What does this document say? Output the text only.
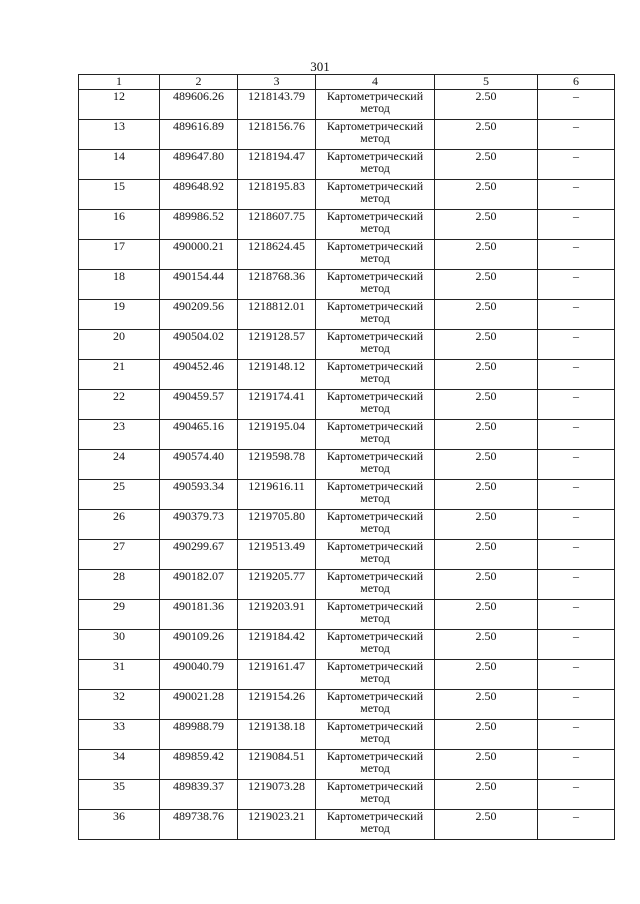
301
1	2	3	4	5	6
12	489606.26	1218143.79	Картометрический метод	2.50	–
13	489616.89	1218156.76	Картометрический метод	2.50	–
14	489647.80	1218194.47	Картометрический метод	2.50	–
15	489648.92	1218195.83	Картометрический метод	2.50	–
16	489986.52	1218607.75	Картометрический метод	2.50	–
17	490000.21	1218624.45	Картометрический метод	2.50	–
18	490154.44	1218768.36	Картометрический метод	2.50	–
19	490209.56	1218812.01	Картометрический метод	2.50	–
20	490504.02	1219128.57	Картометрический метод	2.50	–
21	490452.46	1219148.12	Картометрический метод	2.50	–
22	490459.57	1219174.41	Картометрический метод	2.50	–
23	490465.16	1219195.04	Картометрический метод	2.50	–
24	490574.40	1219598.78	Картометрический метод	2.50	–
25	490593.34	1219616.11	Картометрический метод	2.50	–
26	490379.73	1219705.80	Картометрический метод	2.50	–
27	490299.67	1219513.49	Картометрический метод	2.50	–
28	490182.07	1219205.77	Картометрический метод	2.50	–
29	490181.36	1219203.91	Картометрический метод	2.50	–
30	490109.26	1219184.42	Картометрический метод	2.50	–
31	490040.79	1219161.47	Картометрический метод	2.50	–
32	490021.28	1219154.26	Картометрический метод	2.50	–
33	489988.79	1219138.18	Картометрический метод	2.50	–
34	489859.42	1219084.51	Картометрический метод	2.50	–
35	489839.37	1219073.28	Картометрический метод	2.50	–
36	489738.76	1219023.21	Картометрический метод	2.50	–
